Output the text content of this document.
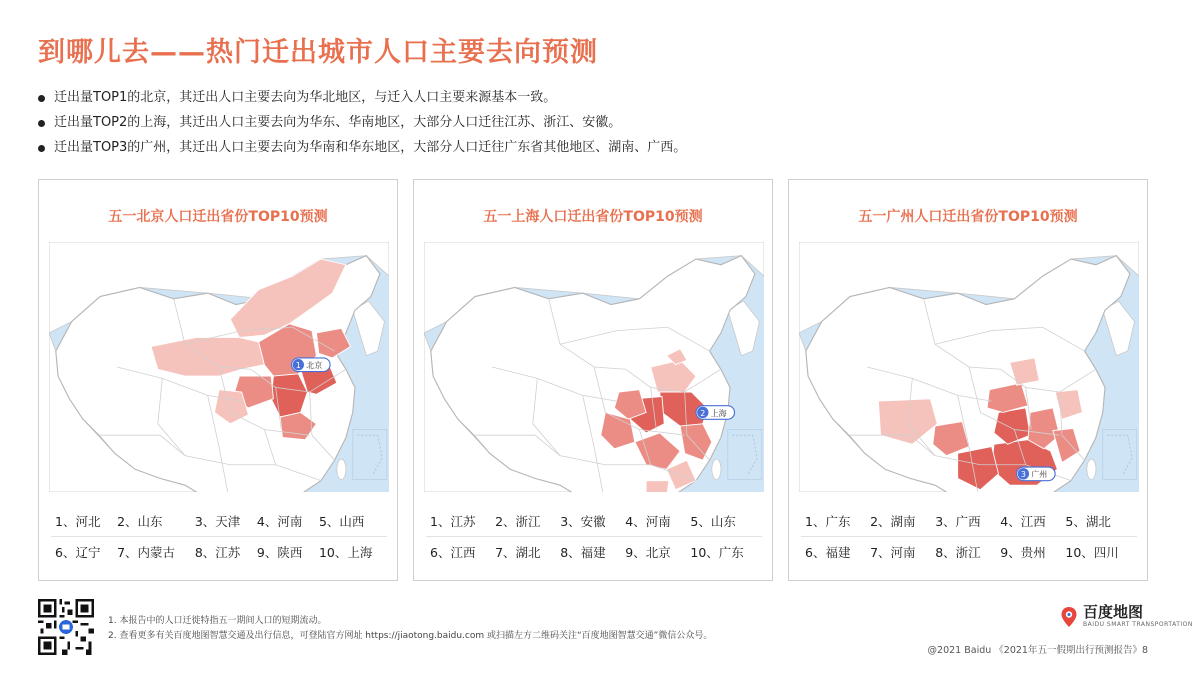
到哪儿去——热门迁出城市人口主要去向预测
迁出量TOP1的北京，其迁出人口主要去向为华北地区，与迁入人口主要来源基本一致。
迁出量TOP2的上海，其迁出人口主要去向为华东、华南地区，大部分人口迁往江苏、浙江、安徽。
迁出量TOP3的广州，其迁出人口主要去向为华南和华东地区，大部分人口迁往广东省其他地区、湖南、广西。
五一北京人口迁出省份TOP10预测
1 北京
1、河北	2、山东	3、天津	4、河南	5、山西
6、辽宁	7、内蒙古	8、江苏	9、陕西	10、上海
五一上海人口迁出省份TOP10预测
2 上海
1、江苏	2、浙江	3、安徽	4、河南	5、山东
6、江西	7、湖北	8、福建	9、北京	10、广东
五一广州人口迁出省份TOP10预测
3 广州
1、广东	2、湖南	3、广西	4、江西	5、湖北
6、福建	7、河南	8、浙江	9、贵州	10、四川
1. 本报告中的人口迁徙特指五一期间人口的短期流动。
2. 查看更多有关百度地图智慧交通及出行信息，可登陆官方网址 https://jiaotong.baidu.com 或扫描左方二维码关注“百度地图智慧交通”微信公众号。
百度地图
BAIDU SMART TRANSPORTATION
@2021 Baidu 《2021年五一假期出行预测报告》8
